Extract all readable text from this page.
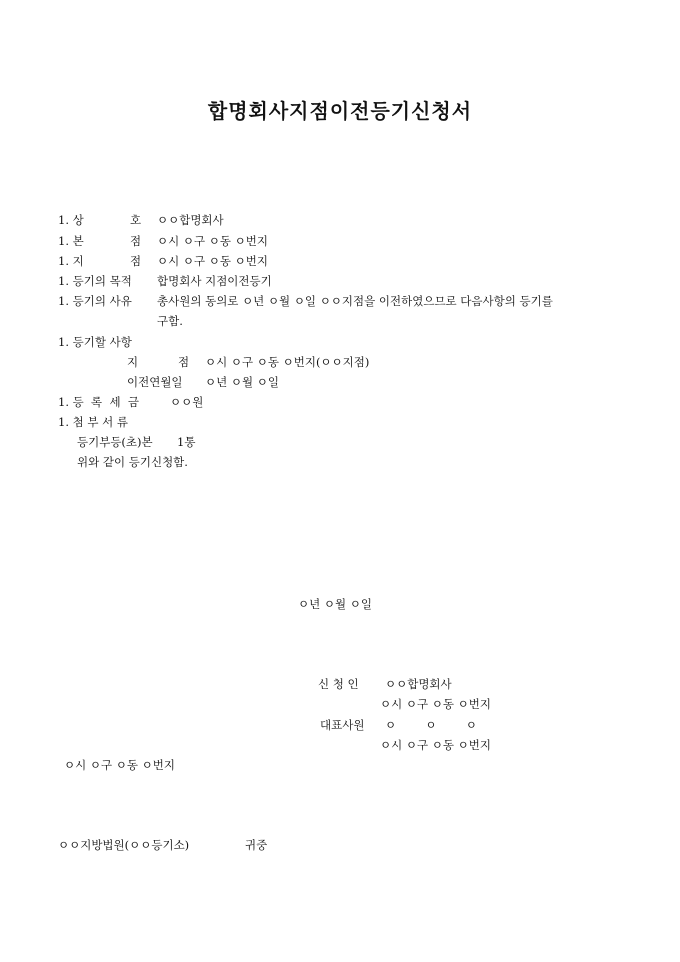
합명회사지점이전등기신청서
1. 상	호 ㅇㅇ합명회사
1. 본	점 ㅇ시 ㅇ구 ㅇ동 ㅇ번지
1. 지	점 ㅇ시 ㅇ구 ㅇ동 ㅇ번지
1. 등기의 목적 합명회사 지점이전등기
1. 등기의 사유 총사원의 동의로 ㅇ년 ㅇ월 ㅇ일 ㅇㅇ지점을 이전하였으므로 다음사항의 등기를
구함.
1. 등기할 사항
지	점 ㅇ시 ㅇ구 ㅇ동 ㅇ번지(ㅇㅇ지점)
이전연월일 ㅇ년 ㅇ월 ㅇ일
1. 등  록  세  금	ㅇㅇ원
1. 첨 부 서 류
등기부등(초)본 1통
위와 같이 등기신청함.
ㅇ년 ㅇ월 ㅇ일
신 청 인 ㅇㅇ합명회사
ㅇ시 ㅇ구 ㅇ동 ㅇ번지
대표사원 ㅇ        ㅇ        ㅇ
ㅇ시 ㅇ구 ㅇ동 ㅇ번지
ㅇ시 ㅇ구 ㅇ동 ㅇ번지
ㅇㅇ지방법원(ㅇㅇ등기소)	귀중
